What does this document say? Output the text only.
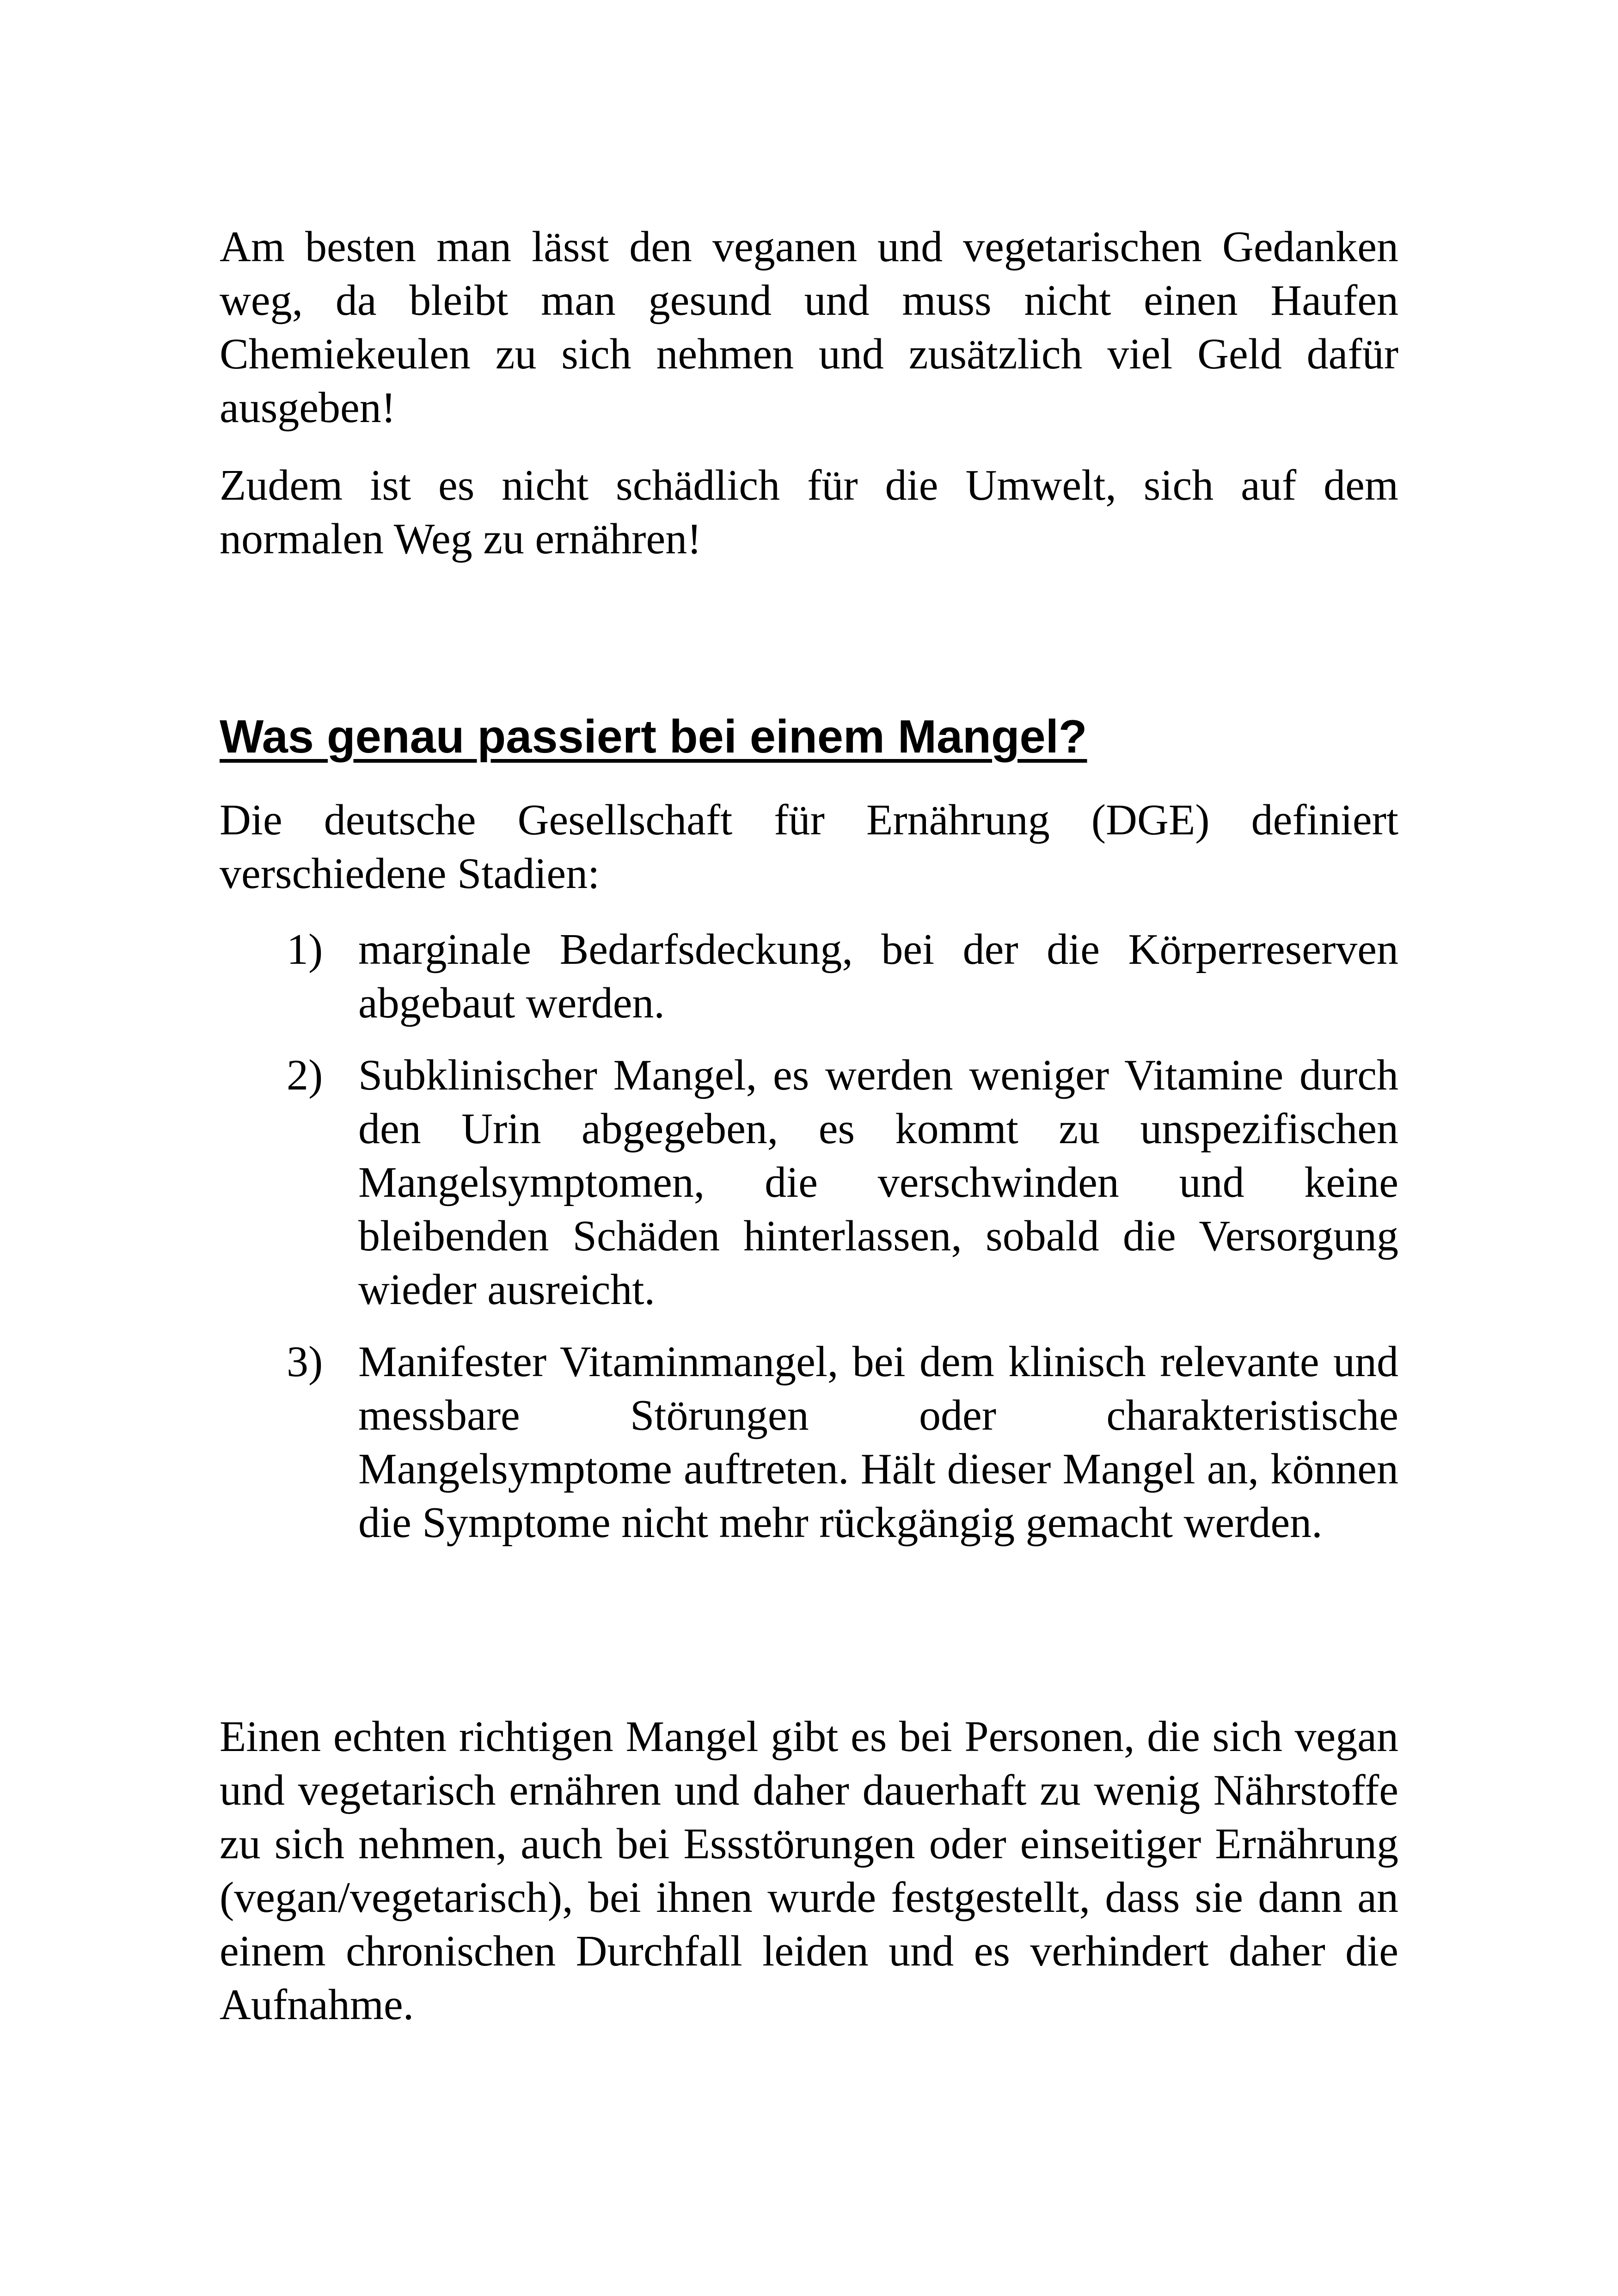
Am besten man lässt den veganen und vegetarischen Gedanken weg, da bleibt man gesund und muss nicht einen Haufen Chemiekeulen zu sich nehmen und zusätzlich viel Geld dafür ausgeben!

Zudem ist es nicht schädlich für die Umwelt, sich auf dem normalen Weg zu ernähren!

Was genau passiert bei einem Mangel?

Die deutsche Gesellschaft für Ernährung (DGE) definiert verschiedene Stadien:

1) marginale Bedarfsdeckung, bei der die Körperreserven abgebaut werden.
2) Subklinischer Mangel, es werden weniger Vitamine durch den Urin abgegeben, es kommt zu unspezifischen Mangelsymptomen, die verschwinden und keine bleibenden Schäden hinterlassen, sobald die Versorgung wieder ausreicht.
3) Manifester Vitaminmangel, bei dem klinisch relevante und messbare Störungen oder charakteristische Mangelsymptome auftreten. Hält dieser Mangel an, können die Symptome nicht mehr rückgängig gemacht werden.

Einen echten richtigen Mangel gibt es bei Personen, die sich vegan und vegetarisch ernähren und daher dauerhaft zu wenig Nährstoffe zu sich nehmen, auch bei Essstörungen oder einseitiger Ernährung (vegan/vegetarisch), bei ihnen wurde festgestellt, dass sie dann an einem chronischen Durchfall leiden und es verhindert daher die Aufnahme.
